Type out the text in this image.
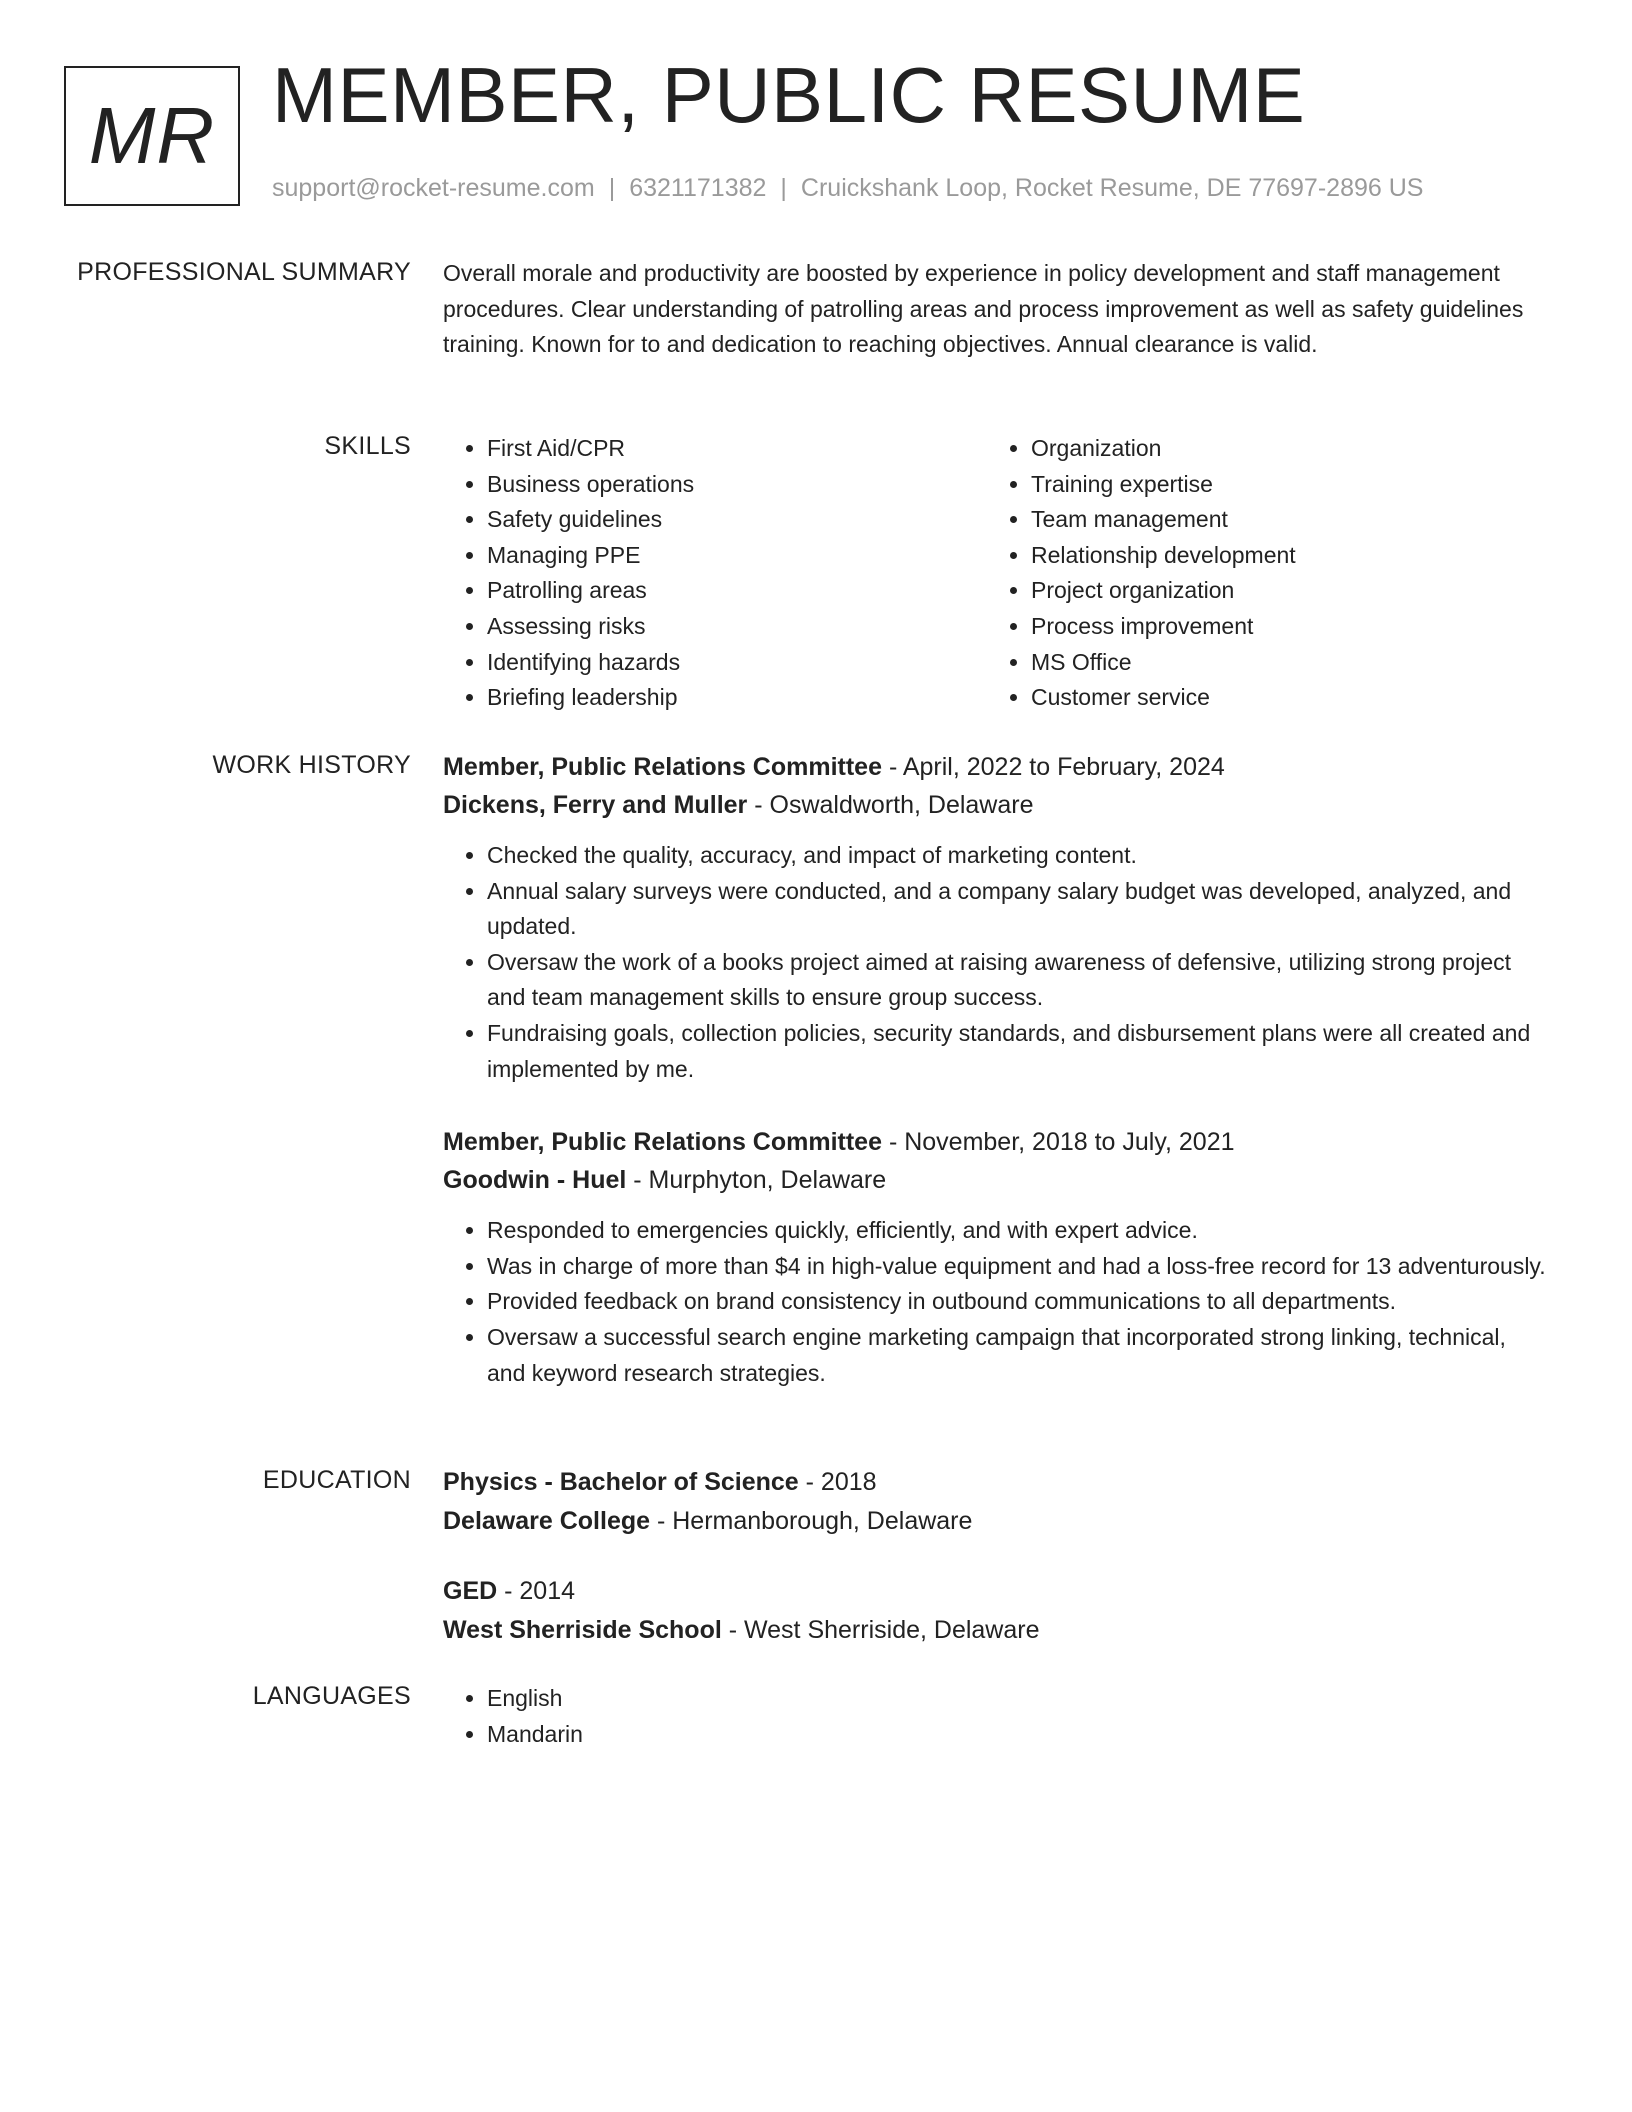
MR MEMBER, PUBLIC RESUME
support@rocket-resume.com | 6321171382 | Cruickshank Loop, Rocket Resume, DE 77697-2896 US
PROFESSIONAL SUMMARY Overall morale and productivity are boosted by experience in policy development and staff management procedures. Clear understanding of patrolling areas and process improvement as well as safety guidelines training. Known for to and dedication to reaching objectives. Annual clearance is valid.

SKILLS	• First Aid/CPR
• Business operations
• Safety guidelines
• Managing PPE
• Patrolling areas
• Assessing risks
• Identifying hazards
• Briefing leadership
• Organization
• Training expertise
• Team management
• Relationship development
• Project organization
• Process improvement
• MS Office
• Customer service
WORK HISTORY Member, Public Relations Committee - April, 2022 to February, 2024

Dickens, Ferry and Muller - Oswaldworth, Delaware

• Checked the quality, accuracy, and impact of marketing content.
• Annual salary surveys were conducted, and a company salary budget was developed, analyzed, and updated.
• Oversaw the work of a books project aimed at raising awareness of defensive, utilizing strong project and team management skills to ensure group success.
• Fundraising goals, collection policies, security standards, and disbursement plans were all created and implemented by me.

Member, Public Relations Committee - November, 2018 to July, 2021

Goodwin - Huel - Murphyton, Delaware

• Responded to emergencies quickly, efficiently, and with expert advice.
• Was in charge of more than $4 in high-value equipment and had a loss-free record for 13 adventurously.
• Provided feedback on brand consistency in outbound communications to all departments.
• Oversaw a successful search engine marketing campaign that incorporated strong linking, technical, and keyword research strategies.
EDUCATION Physics - Bachelor of Science - 2018

Delaware College - Hermanborough, Delaware

GED - 2014

West Sherriside School - West Sherriside, Delaware

LANGUAGES	• English
• Mandarin
